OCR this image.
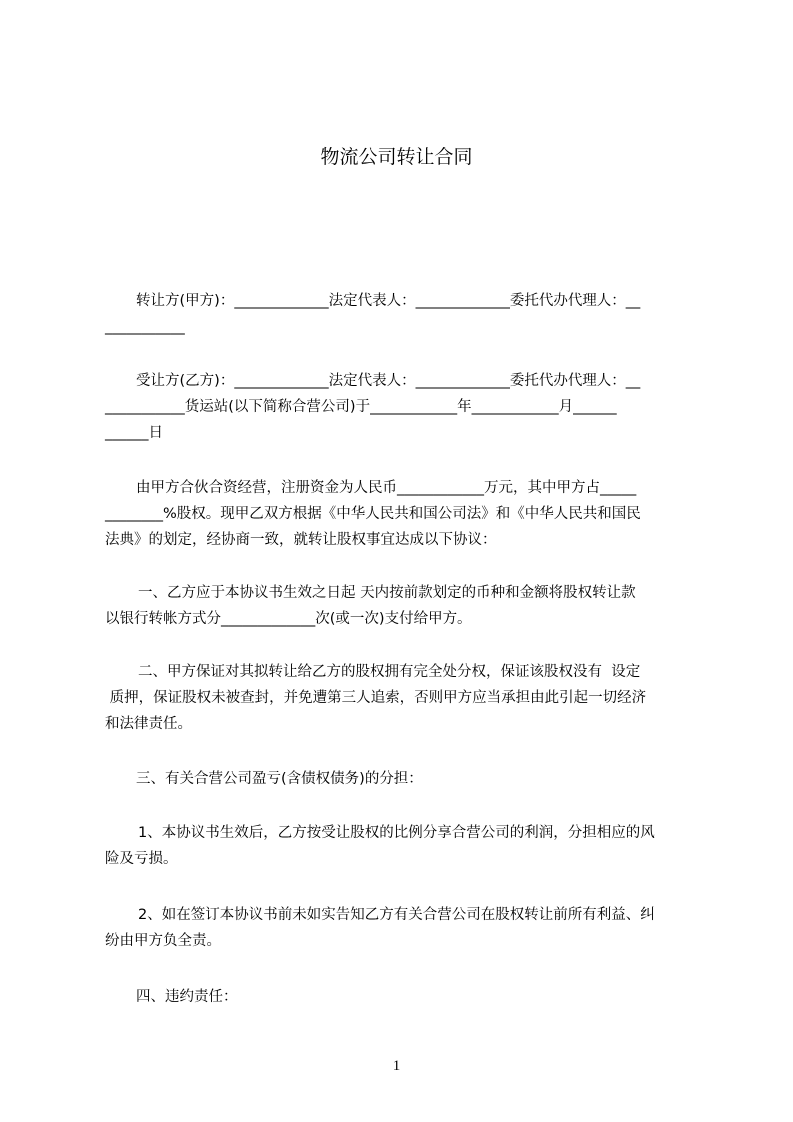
物流公司转让合同
转让方(甲方)：_____________法定代表人：_____________委托代办代理人：__
___________
受让方(乙方)：_____________法定代表人：_____________委托代办代理人：__
___________货运站(以下简称合营公司)于____________年____________月______
______日
由甲方合伙合资经营，注册资金为人民币____________万元，其中甲方占_____
________%股权。现甲乙双方根据《中华人民共和国公司法》和《中华人民共和国民
法典》的划定，经协商一致，就转让股权事宜达成以下协议：
一、乙方应于本协议书生效之日起 天内按前款划定的币种和金额将股权转让款
以银行转帐方式分_____________次(或一次)支付给甲方。
二、甲方保证对其拟转让给乙方的股权拥有完全处分权，保证该股权没有  设定
质押，保证股权未被查封，并免遭第三人追索，否则甲方应当承担由此引起一切经济
和法律责任。
三、有关合营公司盈亏(含债权债务)的分担：
1、本协议书生效后，乙方按受让股权的比例分享合营公司的利润，分担相应的风
险及亏损。
2、如在签订本协议书前未如实告知乙方有关合营公司在股权转让前所有利益、纠
纷由甲方负全责。
四、违约责任：
1
